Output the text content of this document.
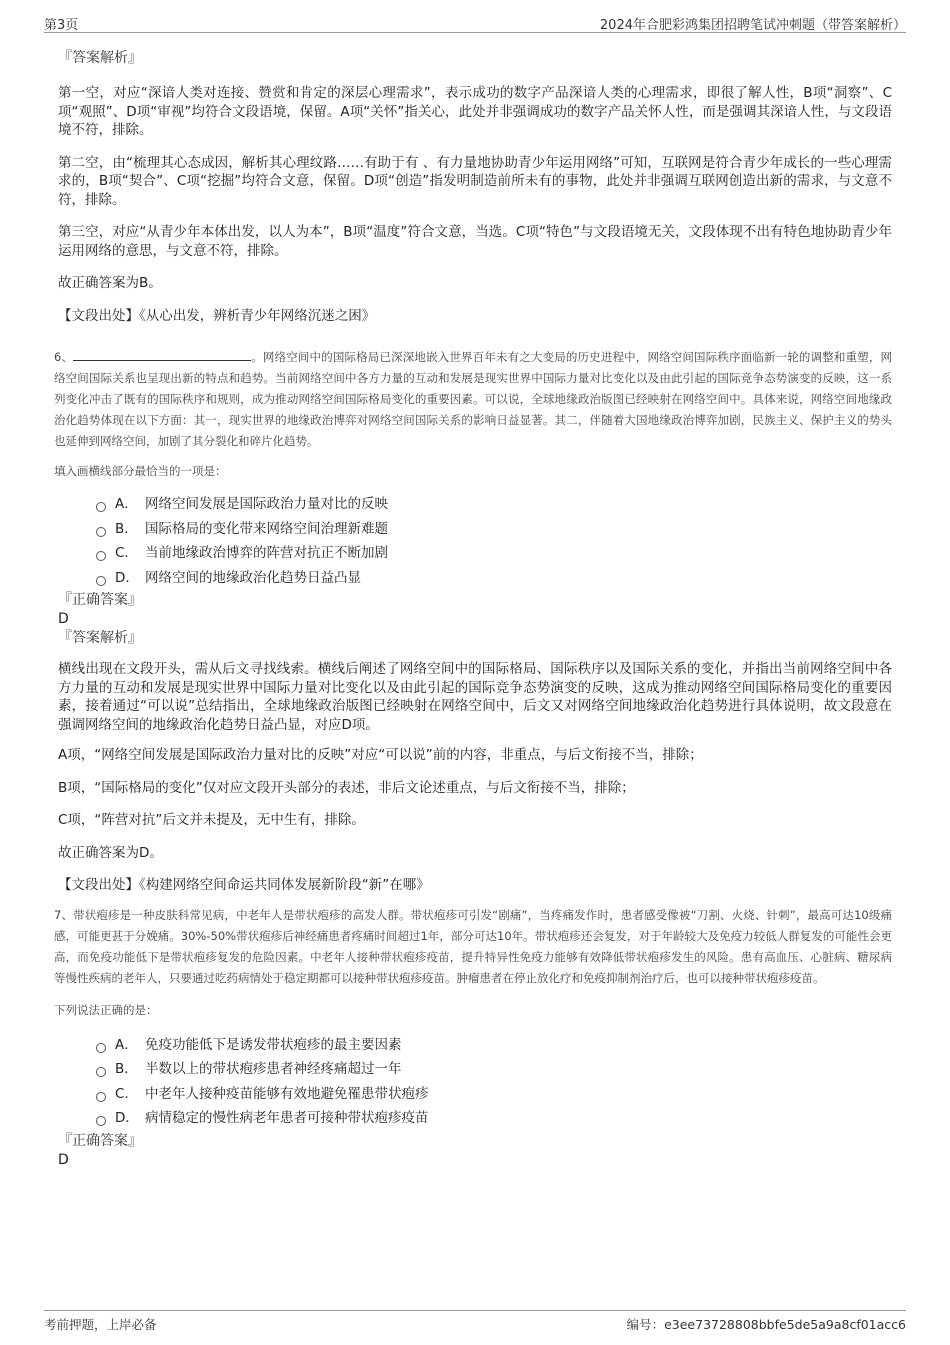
第3页	2024年合肥彩鸿集团招聘笔试冲刺题（带答案解析）

『答案解析』

第一空，对应“深谙人类对连接、赞赏和肯定的深层心理需求”，表示成功的数字产品深谙人类的心理需求，即很了解人性，B项“洞察”、C项“观照”、D项“审视”均符合文段语境，保留。A项“关怀”指关心，此处并非强调成功的数字产品关怀人性，而是强调其深谙人性，与文段语境不符，排除。

第二空，由“梳理其心态成因，解析其心理纹路……有助于有 、有力量地协助青少年运用网络”可知，互联网是符合青少年成长的一些心理需求的，B项“契合”、C项“挖掘”均符合文意，保留。D项“创造”指发明制造前所未有的事物，此处并非强调互联网创造出新的需求，与文意不符，排除。

第三空，对应“从青少年本体出发，以人为本”，B项“温度”符合文意，当选。C项“特色”与文段语境无关，文段体现不出有特色地协助青少年运用网络的意思，与文意不符，排除。

故正确答案为B。

【文段出处】《从心出发，辨析青少年网络沉迷之困》

6、	。网络空间中的国际格局已深深地嵌入世界百年未有之大变局的历史进程中，网络空间国际秩序面临新一轮的调整和重塑，网络空间国际关系也呈现出新的特点和趋势。当前网络空间中各方力量的互动和发展是现实世界中国际力量对比变化以及由此引起的国际竞争态势演变的反映，这一系列变化冲击了既有的国际秩序和规则，成为推动网络空间国际格局变化的重要因素。可以说，全球地缘政治版图已经映射在网络空间中。具体来说，网络空间地缘政治化趋势体现在以下方面：其一，现实世界的地缘政治博弈对网络空间国际关系的影响日益显著。其二，伴随着大国地缘政治博弈加剧，民族主义、保护主义的势头也延伸到网络空间，加剧了其分裂化和碎片化趋势。

填入画横线部分最恰当的一项是：

A． 网络空间发展是国际政治力量对比的反映
B． 国际格局的变化带来网络空间治理新难题
C． 当前地缘政治博弈的阵营对抗正不断加剧
D． 网络空间的地缘政治化趋势日益凸显

『正确答案』

D

『答案解析』

横线出现在文段开头，需从后文寻找线索。横线后阐述了网络空间中的国际格局、国际秩序以及国际关系的变化，并指出当前网络空间中各方力量的互动和发展是现实世界中国际力量对比变化以及由此引起的国际竞争态势演变的反映，这成为推动网络空间国际格局变化的重要因素，接着通过“可以说”总结指出，全球地缘政治版图已经映射在网络空间中，后文又对网络空间地缘政治化趋势进行具体说明，故文段意在强调网络空间的地缘政治化趋势日益凸显，对应D项。

A项，“网络空间发展是国际政治力量对比的反映”对应“可以说”前的内容，非重点，与后文衔接不当，排除；

B项，“国际格局的变化”仅对应文段开头部分的表述，非后文论述重点，与后文衔接不当，排除；

C项，“阵营对抗”后文并未提及，无中生有，排除。

故正确答案为D。

【文段出处】《构建网络空间命运共同体发展新阶段“新”在哪》

7、带状疱疹是一种皮肤科常见病，中老年人是带状疱疹的高发人群。带状疱疹可引发“剧痛”，当疼痛发作时，患者感受像被“刀割、火烧、针刺”，最高可达10级痛感，可能更甚于分娩痛。30%-50%带状疱疹后神经痛患者疼痛时间超过1年，部分可达10年。带状疱疹还会复发，对于年龄较大及免疫力较低人群复发的可能性会更高，而免疫功能低下是带状疱疹复发的危险因素。中老年人接种带状疱疹疫苗，提升特异性免疫力能够有效降低带状疱疹发生的风险。患有高血压、心脏病、糖尿病等慢性疾病的老年人，只要通过吃药病情处于稳定期都可以接种带状疱疹疫苗。肿瘤患者在停止放化疗和免疫抑制剂治疗后，也可以接种带状疱疹疫苗。

下列说法正确的是：

A． 免疫功能低下是诱发带状疱疹的最主要因素
B． 半数以上的带状疱疹患者神经疼痛超过一年
C． 中老年人接种疫苗能够有效地避免罹患带状疱疹
D． 病情稳定的慢性病老年患者可接种带状疱疹疫苗

『正确答案』

D

考前押题，上岸必备	编号：e3ee73728808bbfe5de5a9a8cf01acc6
